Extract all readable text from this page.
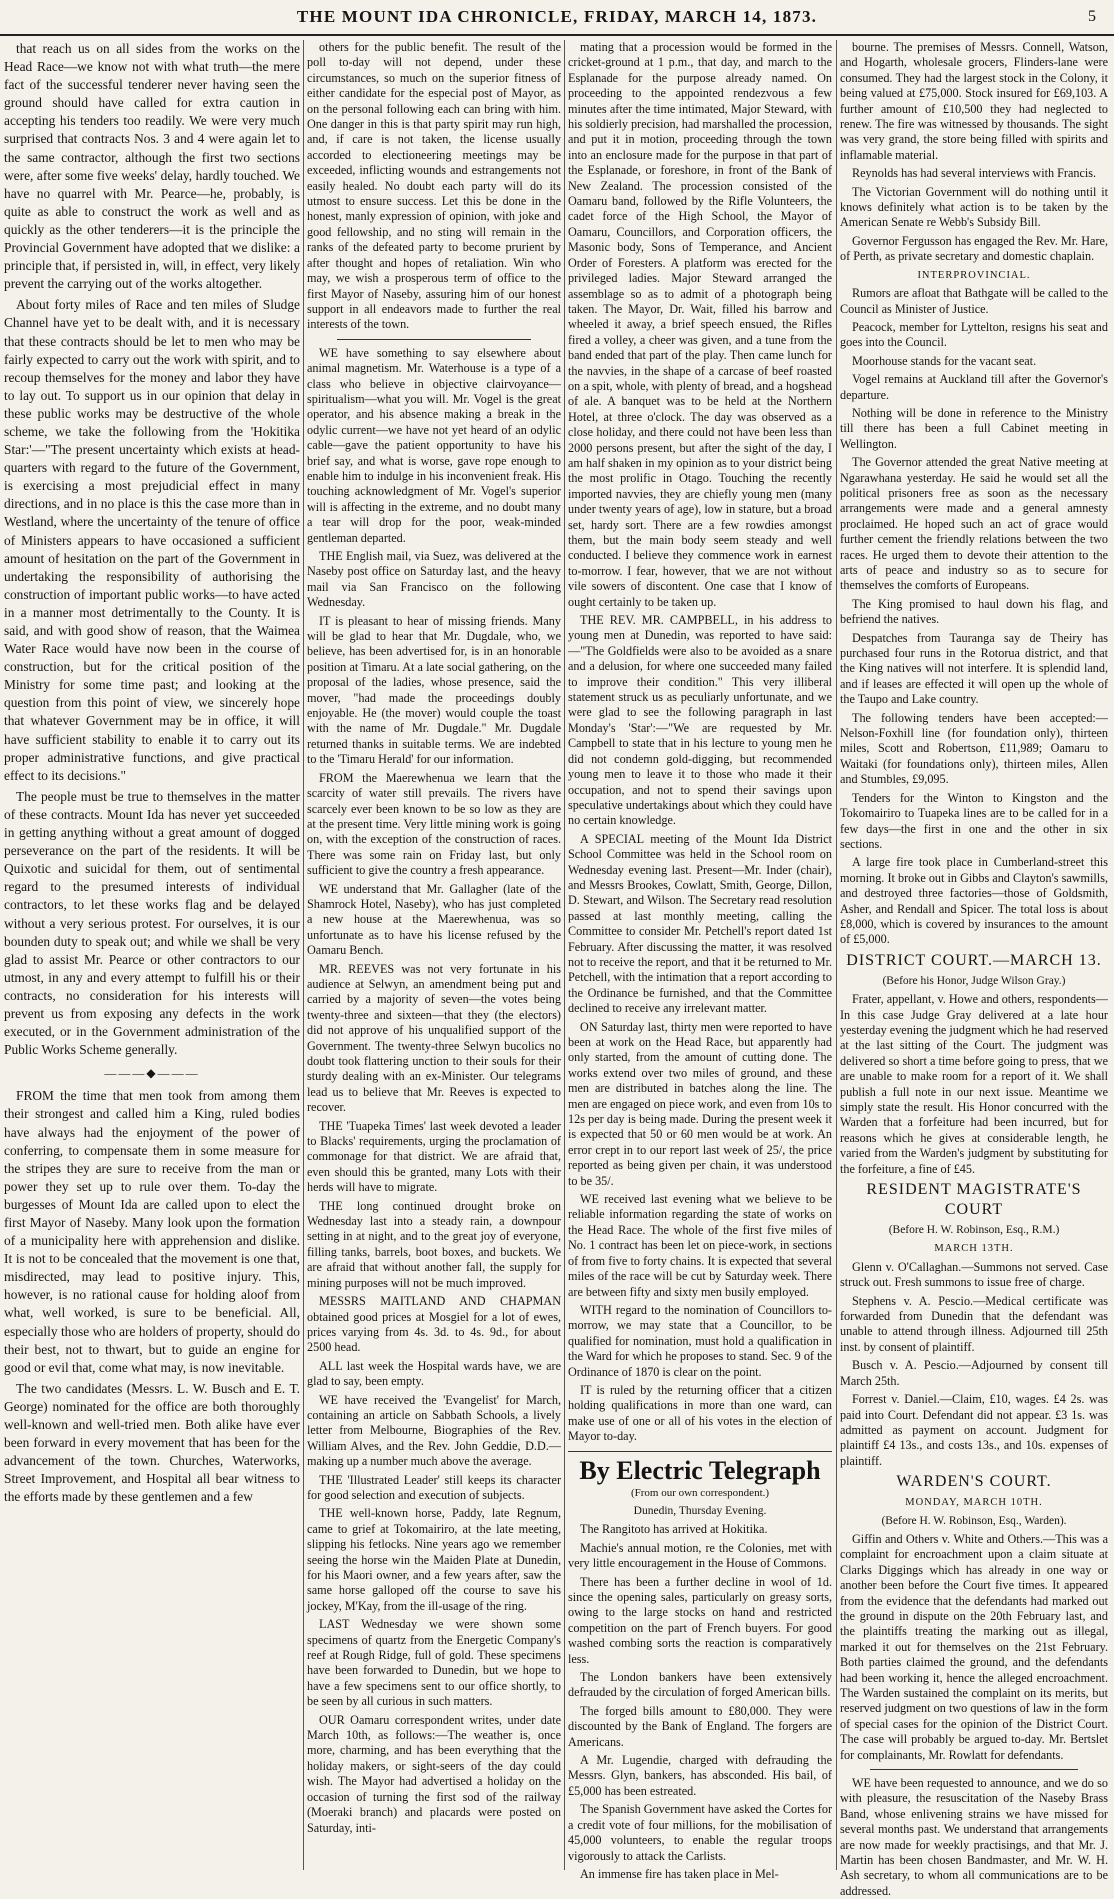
THE MOUNT IDA CHRONICLE, FRIDAY, MARCH 14, 1873.	5

that reach us on all sides from the works on the Head Race—we know not with what truth—the mere fact of the successful tenderer never having seen the ground should have called for extra caution in accepting his tenders too readily. We were very much surprised that contracts Nos. 3 and 4 were again let to the same contractor, although the first two sections were, after some five weeks' delay, hardly touched. We have no quarrel with Mr. Pearce—he, probably, is quite as able to construct the work as well and as quickly as the other tenderers—it is the principle the Provincial Government have adopted that we dislike: a principle that, if persisted in, will, in effect, very likely prevent the carrying out of the works altogether.

About forty miles of Race and ten miles of Sludge Channel have yet to be dealt with, and it is necessary that these contracts should be let to men who may be fairly expected to carry out the work with spirit, and to recoup themselves for the money and labor they have to lay out. To support us in our opinion that delay in these public works may be destructive of the whole scheme, we take the following from the 'Hokitika Star:'—"The present uncertainty which exists at head-quarters with regard to the future of the Government, is exercising a most prejudicial effect in many directions, and in no place is this the case more than in Westland, where the uncertainty of the tenure of office of Ministers appears to have occasioned a sufficient amount of hesitation on the part of the Government in undertaking the responsibility of authorising the construction of important public works—to have acted in a manner most detrimentally to the County. It is said, and with good show of reason, that the Waimea Water Race would have now been in the course of construction, but for the critical position of the Ministry for some time past; and looking at the question from this point of view, we sincerely hope that whatever Government may be in office, it will have sufficient stability to enable it to carry out its proper administrative functions, and give practical effect to its decisions."

The people must be true to themselves in the matter of these contracts. Mount Ida has never yet succeeded in getting anything without a great amount of dogged perseverance on the part of the residents. It will be Quixotic and suicidal for them, out of sentimental regard to the presumed interests of individual contractors, to let these works flag and be delayed without a very serious protest. For ourselves, it is our bounden duty to speak out; and while we shall be very glad to assist Mr. Pearce or other contractors to our utmost, in any and every attempt to fulfill his or their contracts, no consideration for his interests will prevent us from exposing any defects in the work executed, or in the Government administration of the Public Works Scheme generally.

———◆———

FROM the time that men took from among them their strongest and called him a King, ruled bodies have always had the enjoyment of the power of conferring, to compensate them in some measure for the stripes they are sure to receive from the man or power they set up to rule over them. To-day the burgesses of Mount Ida are called upon to elect the first Mayor of Naseby. Many look upon the formation of a municipality here with apprehension and dislike. It is not to be concealed that the movement is one that, misdirected, may lead to positive injury. This, however, is no rational cause for holding aloof from what, well worked, is sure to be beneficial. All, especially those who are holders of property, should do their best, not to thwart, but to guide an engine for good or evil that, come what may, is now inevitable.

The two candidates (Messrs. L. W. Busch and E. T. George) nominated for the office are both thoroughly well-known and well-tried men. Both alike have ever been forward in every movement that has been for the advancement of the town. Churches, Waterworks, Street Improvement, and Hospital all bear witness to the efforts made by these gentlemen and a few

others for the public benefit. The result of the poll to-day will not depend, under these circumstances, so much on the superior fitness of either candidate for the especial post of Mayor, as on the personal following each can bring with him. One danger in this is that party spirit may run high, and, if care is not taken, the license usually accorded to electioneering meetings may be exceeded, inflicting wounds and estrangements not easily healed. No doubt each party will do its utmost to ensure success. Let this be done in the honest, manly expression of opinion, with joke and good fellowship, and no sting will remain in the ranks of the defeated party to become prurient by after thought and hopes of retaliation. Win who may, we wish a prosperous term of office to the first Mayor of Naseby, assuring him of our honest support in all endeavors made to further the real interests of the town.

WE have something to say elsewhere about animal magnetism. Mr. Waterhouse is a type of a class who believe in objective clairvoyance—spiritualism—what you will. Mr. Vogel is the great operator, and his absence making a break in the odylic current—we have not yet heard of an odylic cable—gave the patient opportunity to have his brief say, and what is worse, gave rope enough to enable him to indulge in his inconvenient freak. His touching acknowledgment of Mr. Vogel's superior will is affecting in the extreme, and no doubt many a tear will drop for the poor, weak-minded gentleman departed.

THE English mail, via Suez, was delivered at the Naseby post office on Saturday last, and the heavy mail via San Francisco on the following Wednesday.

IT is pleasant to hear of missing friends. Many will be glad to hear that Mr. Dugdale, who, we believe, has been advertised for, is in an honorable position at Timaru. At a late social gathering, on the proposal of the ladies, whose presence, said the mover, "had made the proceedings doubly enjoyable. He (the mover) would couple the toast with the name of Mr. Dugdale." Mr. Dugdale returned thanks in suitable terms. We are indebted to the 'Timaru Herald' for our information.

FROM the Maerewhenua we learn that the scarcity of water still prevails. The rivers have scarcely ever been known to be so low as they are at the present time. Very little mining work is going on, with the exception of the construction of races. There was some rain on Friday last, but only sufficient to give the country a fresh appearance.

WE understand that Mr. Gallagher (late of the Shamrock Hotel, Naseby), who has just completed a new house at the Maerewhenua, was so unfortunate as to have his license refused by the Oamaru Bench.

MR. REEVES was not very fortunate in his audience at Selwyn, an amendment being put and carried by a majority of seven—the votes being twenty-three and sixteen—that they (the electors) did not approve of his unqualified support of the Government. The twenty-three Selwyn bucolics no doubt took flattering unction to their souls for their sturdy dealing with an ex-Minister. Our telegrams lead us to believe that Mr. Reeves is expected to recover.

THE 'Tuapeka Times' last week devoted a leader to Blacks' requirements, urging the proclamation of commonage for that district. We are afraid that, even should this be granted, many Lots with their herds will have to migrate.

THE long continued drought broke on Wednesday last into a steady rain, a downpour setting in at night, and to the great joy of everyone, filling tanks, barrels, boot boxes, and buckets. We are afraid that without another fall, the supply for mining purposes will not be much improved.

MESSRS MAITLAND AND CHAPMAN obtained good prices at Mosgiel for a lot of ewes, prices varying from 4s. 3d. to 4s. 9d., for about 2500 head.

ALL last week the Hospital wards have, we are glad to say, been empty.

WE have received the 'Evangelist' for March, containing an article on Sabbath Schools, a lively letter from Melbourne, Biographies of the Rev. William Alves, and the Rev. John Geddie, D.D.—making up a number much above the average.

THE 'Illustrated Leader' still keeps its character for good selection and execution of subjects.

THE well-known horse, Paddy, late Regnum, came to grief at Tokomairiro, at the late meeting, slipping his fetlocks. Nine years ago we remember seeing the horse win the Maiden Plate at Dunedin, for his Maori owner, and a few years after, saw the same horse galloped off the course to save his jockey, M'Kay, from the ill-usage of the ring.

LAST Wednesday we were shown some specimens of quartz from the Energetic Company's reef at Rough Ridge, full of gold. These specimens have been forwarded to Dunedin, but we hope to have a few specimens sent to our office shortly, to be seen by all curious in such matters.

OUR Oamaru correspondent writes, under date March 10th, as follows:—The weather is, once more, charming, and has been everything that the holiday makers, or sight-seers of the day could wish. The Mayor had advertised a holiday on the occasion of turning the first sod of the railway (Moeraki branch) and placards were posted on Saturday, inti-

mating that a procession would be formed in the cricket-ground at 1 p.m., that day, and march to the Esplanade for the purpose already named. On proceeding to the appointed rendezvous a few minutes after the time intimated, Major Steward, with his soldierly precision, had marshalled the procession, and put it in motion, proceeding through the town into an enclosure made for the purpose in that part of the Esplanade, or foreshore, in front of the Bank of New Zealand. The procession consisted of the Oamaru band, followed by the Rifle Volunteers, the cadet force of the High School, the Mayor of Oamaru, Councillors, and Corporation officers, the Masonic body, Sons of Temperance, and Ancient Order of Foresters. A platform was erected for the privileged ladies. Major Steward arranged the assemblage so as to admit of a photograph being taken. The Mayor, Dr. Wait, filled his barrow and wheeled it away, a brief speech ensued, the Rifles fired a volley, a cheer was given, and a tune from the band ended that part of the play. Then came lunch for the navvies, in the shape of a carcase of beef roasted on a spit, whole, with plenty of bread, and a hogshead of ale. A banquet was to be held at the Northern Hotel, at three o'clock. The day was observed as a close holiday, and there could not have been less than 2000 persons present, but after the sight of the day, I am half shaken in my opinion as to your district being the most prolific in Otago. Touching the recently imported navvies, they are chiefly young men (many under twenty years of age), low in stature, but a broad set, hardy sort. There are a few rowdies amongst them, but the main body seem steady and well conducted. I believe they commence work in earnest to-morrow. I fear, however, that we are not without vile sowers of discontent. One case that I know of ought certainly to be taken up.

THE REV. MR. CAMPBELL, in his address to young men at Dunedin, was reported to have said:—"The Goldfields were also to be avoided as a snare and a delusion, for where one succeeded many failed to improve their condition." This very illiberal statement struck us as peculiarly unfortunate, and we were glad to see the following paragraph in last Monday's 'Star':—"We are requested by Mr. Campbell to state that in his lecture to young men he did not condemn gold-digging, but recommended young men to leave it to those who made it their occupation, and not to spend their savings upon speculative undertakings about which they could have no certain knowledge.

A SPECIAL meeting of the Mount Ida District School Committee was held in the School room on Wednesday evening last. Present—Mr. Inder (chair), and Messrs Brookes, Cowlatt, Smith, George, Dillon, D. Stewart, and Wilson. The Secretary read resolution passed at last monthly meeting, calling the Committee to consider Mr. Petchell's report dated 1st February. After discussing the matter, it was resolved not to receive the report, and that it be returned to Mr. Petchell, with the intimation that a report according to the Ordinance be furnished, and that the Committee declined to receive any irrelevant matter.

ON Saturday last, thirty men were reported to have been at work on the Head Race, but apparently had only started, from the amount of cutting done. The works extend over two miles of ground, and these men are distributed in batches along the line. The men are engaged on piece work, and even from 10s to 12s per day is being made. During the present week it is expected that 50 or 60 men would be at work. An error crept in to our report last week of 25/, the price reported as being given per chain, it was understood to be 35/.

WE received last evening what we believe to be reliable information regarding the state of works on the Head Race. The whole of the first five miles of No. 1 contract has been let on piece-work, in sections of from five to forty chains. It is expected that several miles of the race will be cut by Saturday week. There are between fifty and sixty men busily employed.

WITH regard to the nomination of Councillors to-morrow, we may state that a Councillor, to be qualified for nomination, must hold a qualification in the Ward for which he proposes to stand. Sec. 9 of the Ordinance of 1870 is clear on the point.

IT is ruled by the returning officer that a citizen holding qualifications in more than one ward, can make use of one or all of his votes in the election of Mayor to-day.

By Electric Telegraph

(From our own correspondent.)

Dunedin, Thursday Evening.

The Rangitoto has arrived at Hokitika.

Machie's annual motion, re the Colonies, met with very little encouragement in the House of Commons.

There has been a further decline in wool of 1d. since the opening sales, particularly on greasy sorts, owing to the large stocks on hand and restricted competition on the part of French buyers. For good washed combing sorts the reaction is comparatively less.

The London bankers have been extensively defrauded by the circulation of forged American bills.

The forged bills amount to £80,000. They were discounted by the Bank of England. The forgers are Americans.

A Mr. Lugendie, charged with defrauding the Messrs. Glyn, bankers, has absconded. His bail, of £5,000 has been estreated.

The Spanish Government have asked the Cortes for a credit vote of four millions, for the mobilisation of 45,000 volunteers, to enable the regular troops vigorously to attack the Carlists.

An immense fire has taken place in Mel-

bourne. The premises of Messrs. Connell, Watson, and Hogarth, wholesale grocers, Flinders-lane were consumed. They had the largest stock in the Colony, it being valued at £75,000. Stock insured for £69,103. A further amount of £10,500 they had neglected to renew. The fire was witnessed by thousands. The sight was very grand, the store being filled with spirits and inflamable material.

Reynolds has had several interviews with Francis.

The Victorian Government will do nothing until it knows definitely what action is to be taken by the American Senate re Webb's Subsidy Bill.

Governor Fergusson has engaged the Rev. Mr. Hare, of Perth, as private secretary and domestic chaplain.

INTERPROVINCIAL.

Rumors are afloat that Bathgate will be called to the Council as Minister of Justice.

Peacock, member for Lyttelton, resigns his seat and goes into the Council.

Moorhouse stands for the vacant seat.

Vogel remains at Auckland till after the Governor's departure.

Nothing will be done in reference to the Ministry till there has been a full Cabinet meeting in Wellington.

The Governor attended the great Native meeting at Ngarawhana yesterday. He said he would set all the political prisoners free as soon as the necessary arrangements were made and a general amnesty proclaimed. He hoped such an act of grace would further cement the friendly relations between the two races. He urged them to devote their attention to the arts of peace and industry so as to secure for themselves the comforts of Europeans.

The King promised to haul down his flag, and befriend the natives.

Despatches from Tauranga say de Theiry has purchased four runs in the Rotorua district, and that the King natives will not interfere. It is splendid land, and if leases are effected it will open up the whole of the Taupo and Lake country.

The following tenders have been accepted:—Nelson-Foxhill line (for foundation only), thirteen miles, Scott and Robertson, £11,989; Oamaru to Waitaki (for foundations only), thirteen miles, Allen and Stumbles, £9,095.

Tenders for the Winton to Kingston and the Tokomairiro to Tuapeka lines are to be called for in a few days—the first in one and the other in six sections.

A large fire took place in Cumberland-street this morning. It broke out in Gibbs and Clayton's sawmills, and destroyed three factories—those of Goldsmith, Asher, and Rendall and Spicer. The total loss is about £8,000, which is covered by insurances to the amount of £5,000.

DISTRICT COURT.—MARCH 13.

(Before his Honor, Judge Wilson Gray.)

Frater, appellant, v. Howe and others, respondents—In this case Judge Gray delivered at a late hour yesterday evening the judgment which he had reserved at the last sitting of the Court. The judgment was delivered so short a time before going to press, that we are unable to make room for a report of it. We shall publish a full note in our next issue. Meantime we simply state the result. His Honor concurred with the Warden that a forfeiture had been incurred, but for reasons which he gives at considerable length, he varied from the Warden's judgment by substituting for the forfeiture, a fine of £45.

RESIDENT MAGISTRATE'S COURT

(Before H. W. Robinson, Esq., R.M.)

MARCH 13TH.

Glenn v. O'Callaghan.—Summons not served. Case struck out. Fresh summons to issue free of charge.

Stephens v. A. Pescio.—Medical certificate was forwarded from Dunedin that the defendant was unable to attend through illness. Adjourned till 25th inst. by consent of plaintiff.

Busch v. A. Pescio.—Adjourned by consent till March 25th.

Forrest v. Daniel.—Claim, £10, wages. £4 2s. was paid into Court. Defendant did not appear. £3 1s. was admitted as payment on account. Judgment for plaintiff £4 13s., and costs 13s., and 10s. expenses of plaintiff.

WARDEN'S COURT.

MONDAY, MARCH 10TH.

(Before H. W. Robinson, Esq., Warden).

Giffin and Others v. White and Others.—This was a complaint for encroachment upon a claim situate at Clarks Diggings which has already in one way or another been before the Court five times. It appeared from the evidence that the defendants had marked out the ground in dispute on the 20th February last, and the plaintiffs treating the marking out as illegal, marked it out for themselves on the 21st February. Both parties claimed the ground, and the defendants had been working it, hence the alleged encroachment. The Warden sustained the complaint on its merits, but reserved judgment on two questions of law in the form of special cases for the opinion of the District Court. The case will probably be argued to-day. Mr. Bertslet for complainants, Mr. Rowlatt for defendants.

WE have been requested to announce, and we do so with pleasure, the resuscitation of the Naseby Brass Band, whose enlivening strains we have missed for several months past. We understand that arrangements are now made for weekly practisings, and that Mr. J. Martin has been chosen Bandmaster, and Mr. W. H. Ash secretary, to whom all communications are to be addressed.
